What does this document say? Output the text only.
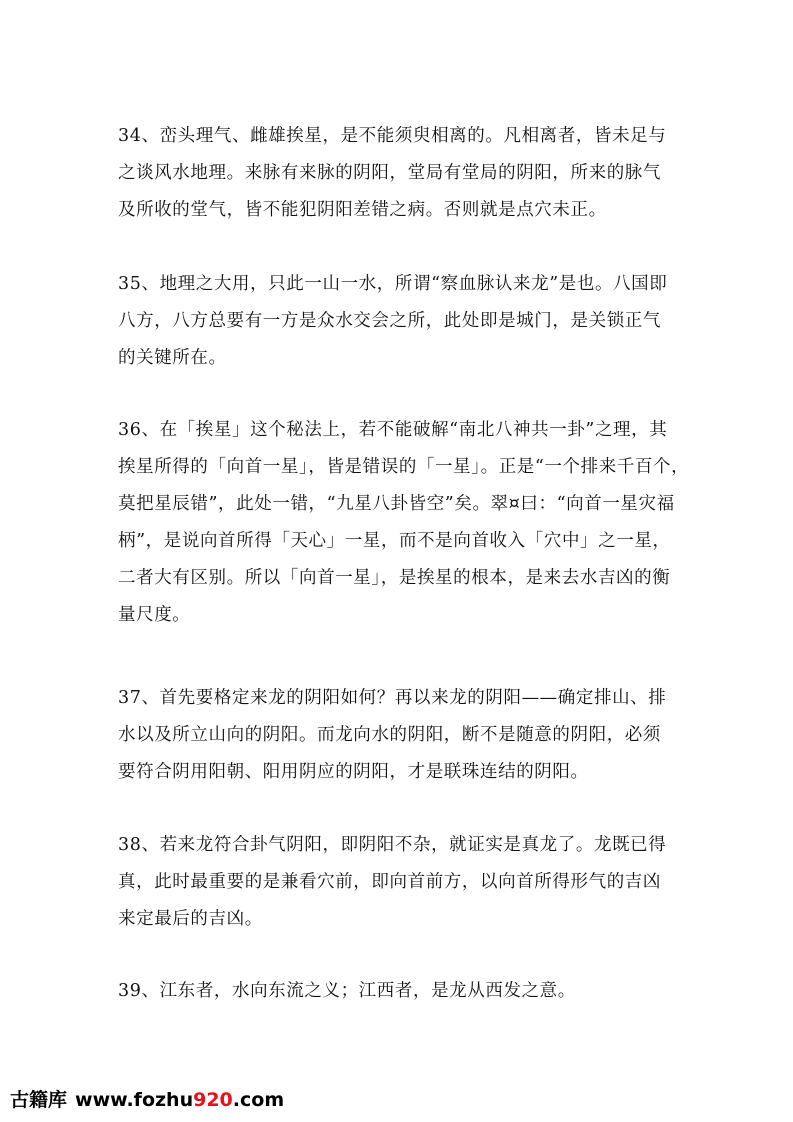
34、峦头理气、雌雄挨星，是不能须臾相离的。凡相离者，皆未足与
之谈风水地理。来脉有来脉的阴阳，堂局有堂局的阴阳，所来的脉气
及所收的堂气，皆不能犯阴阳差错之病。否则就是点穴未正。
35、地理之大用，只此一山一水，所谓“察血脉认来龙”是也。八国即
八方，八方总要有一方是众水交会之所，此处即是城门，是关锁正气
的关键所在。
36、在「挨星」这个秘法上，若不能破解“南北八神共一卦”之理，其
挨星所得的「向首一星」，皆是错误的「一星」。正是“一个排来千百个，
莫把星辰错”，此处一错，“九星八卦皆空”矣。翠¤曰：“向首一星灾福
柄”，是说向首所得「天心」一星，而不是向首收入「穴中」之一星，
二者大有区别。所以「向首一星」，是挨星的根本，是来去水吉凶的衡
量尺度。
37、首先要格定来龙的阴阳如何？再以来龙的阴阳——确定排山、排
水以及所立山向的阴阳。而龙向水的阴阳，断不是随意的阴阳，必须
要符合阴用阳朝、阳用阴应的阴阳，才是联珠连结的阴阳。
38、若来龙符合卦气阴阳，即阴阳不杂，就证实是真龙了。龙既已得
真，此时最重要的是兼看穴前，即向首前方，以向首所得形气的吉凶
来定最后的吉凶。
39、江东者，水向东流之义；江西者，是龙从西发之意。
古籍库 www.fozhu920.com
